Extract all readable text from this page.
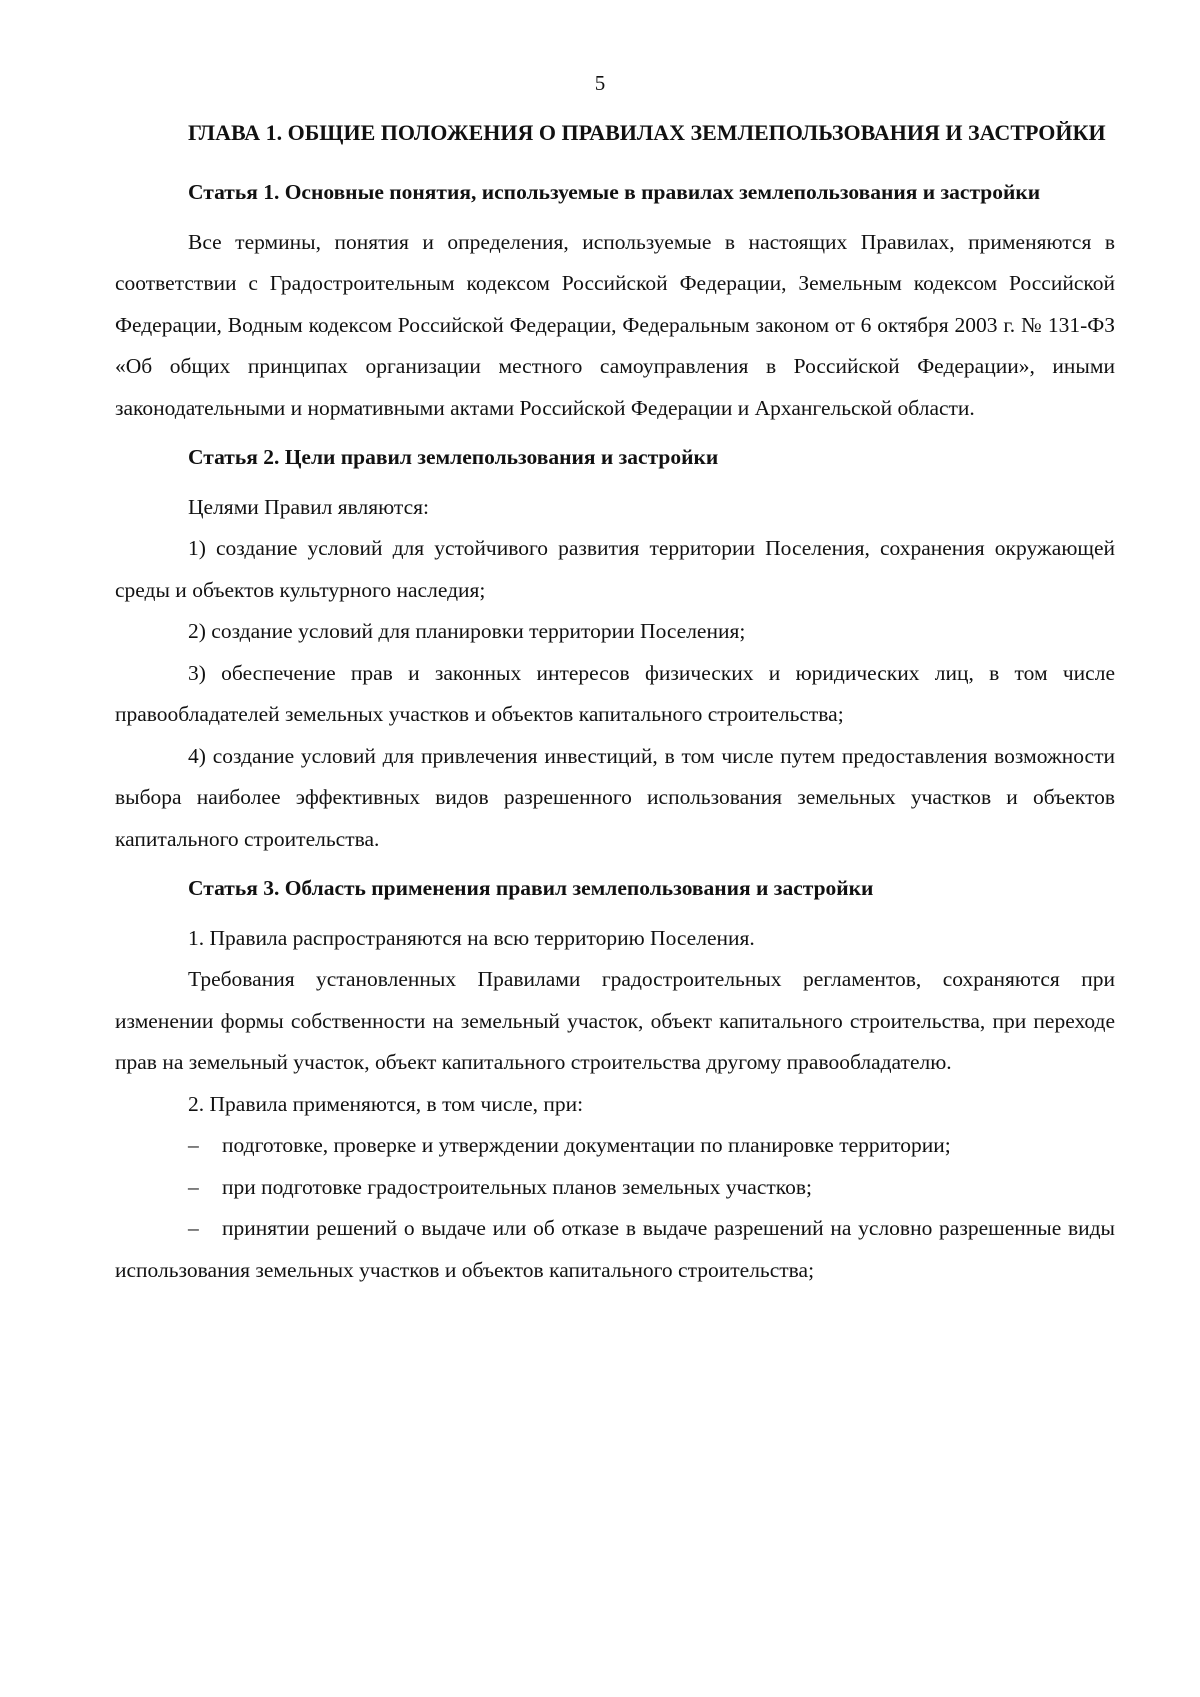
5

ГЛАВА 1. ОБЩИЕ ПОЛОЖЕНИЯ О ПРАВИЛАХ ЗЕМЛЕПОЛЬЗОВАНИЯ И ЗАСТРОЙКИ

Статья 1. Основные понятия, используемые в правилах землепользования и застройки

Все термины, понятия и определения, используемые в настоящих Правилах, применяются в соответствии с Градостроительным кодексом Российской Федерации, Земельным кодексом Российской Федерации, Водным кодексом Российской Федерации, Федеральным законом от 6 октября 2003 г. № 131-ФЗ «Об общих принципах организации местного самоуправления в Российской Федерации», иными законодательными и нормативными актами Российской Федерации и Архангельской области.

Статья 2. Цели правил землепользования и застройки

Целями Правил являются:

1) создание условий для устойчивого развития территории Поселения, сохранения окружающей среды и объектов культурного наследия;

2) создание условий для планировки территории Поселения;

3) обеспечение прав и законных интересов физических и юридических лиц, в том числе правообладателей земельных участков и объектов капитального строительства;

4) создание условий для привлечения инвестиций, в том числе путем предоставления возможности выбора наиболее эффективных видов разрешенного использования земельных участков и объектов капитального строительства.

Статья 3. Область применения правил землепользования и застройки

1. Правила распространяются на всю территорию Поселения.

Требования установленных Правилами градостроительных регламентов, сохраняются при изменении формы собственности на земельный участок, объект капитального строительства, при переходе прав на земельный участок, объект капитального строительства другому правообладателю.

2. Правила применяются, в том числе, при:

– подготовке, проверке и утверждении документации по планировке территории;

– при подготовке градостроительных планов земельных участков;

– принятии решений о выдаче или об отказе в выдаче разрешений на условно разрешенные виды использования земельных участков и объектов капитального строительства;
